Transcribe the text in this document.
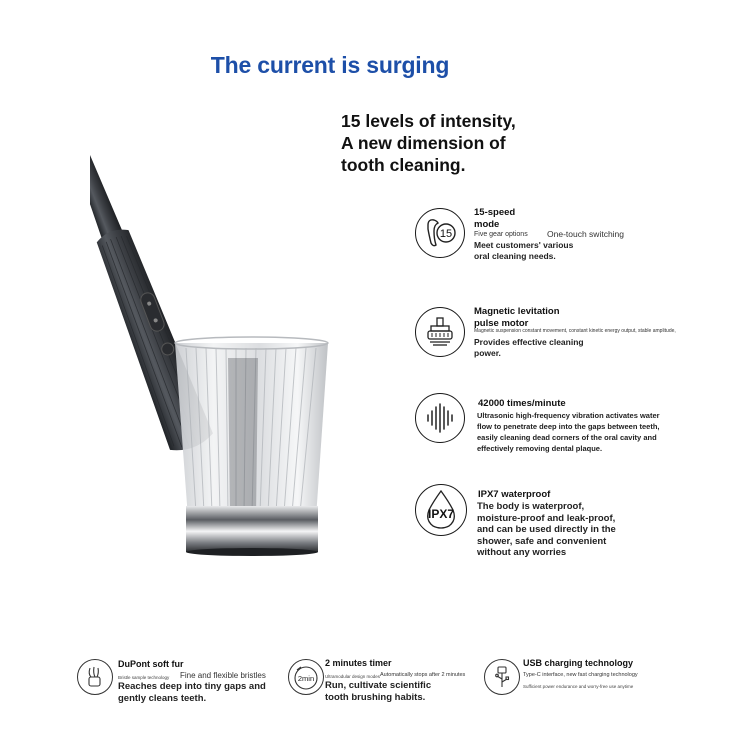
The current is surging
15 levels of intensity,
A new dimension of
tooth cleaning.
15
15-speed
mode
Five gear options One-touch switching
Meet customers' various
oral cleaning needs.
Magnetic levitation
pulse motor
Magnetic suspension constant movement, constant kinetic energy output, stable amplitude,
Provides effective cleaning
power.
42000 times/minute
Ultrasonic high-frequency vibration activates water
flow to penetrate deep into the gaps between teeth,
easily cleaning dead corners of the oral cavity and
effectively removing dental plaque.
IPX7
IPX7 waterproof
The body is waterproof,
moisture-proof and leak-proof,
and can be used directly in the
shower, safe and convenient
without any worries
DuPont soft fur
Bristle sample technology Fine and flexible bristles
Reaches deep into tiny gaps and
gently cleans teeth.
2min
2 minutes timer
Ultramodular design modes Automatically stops after 2 minutes
Run, cultivate scientific
tooth brushing habits.
USB charging technology
Type-C interface, new fast charging technology
Sufficient power endurance and worry-free use anytime
